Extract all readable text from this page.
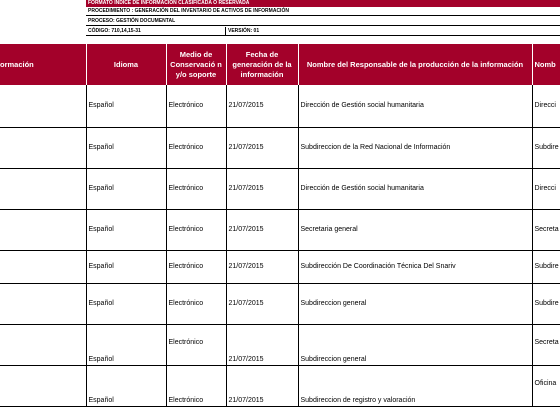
FORMATO ÍNDICE DE INFORMACIÓN CLASIFICADA O RESERVADA
PROCEDIMIENTO : GENERACIÓN DEL INVENTARIO DE ACTIVOS DE INFORMACIÓN
PROCESO: GESTIÓN DOCUMENTAL
CÓDIGO: 710,14,15-31	VERSIÓN: 01
ormación	Idioma	Medio de Conservació n y/o soporte	Fecha de generación de la información	Nombre del Responsable de la producción de la información	Nomb
	Español	Electrónico	21/07/2015	Dirección de Gestión social humanitaria	Direcci
	Español	Electrónico	21/07/2015	Subdireccion de la Red Nacional de Información	Subdire
	Español	Electrónico	21/07/2015	Dirección de Gestión social humanitaria	Direcci
	Español	Electrónico	21/07/2015	Secretaria general	Secreta
	Español	Electrónico	21/07/2015	Subdirección De Coordinación Técnica Del Snariv	Subdire
	Español	Electrónico	21/07/2015	Subdireccion general	Subdire
	Español	Electrónico	21/07/2015	Subdireccion general	Secreta
	Español	Electrónico	21/07/2015	Subdireccion de registro y valoración	Oficina
